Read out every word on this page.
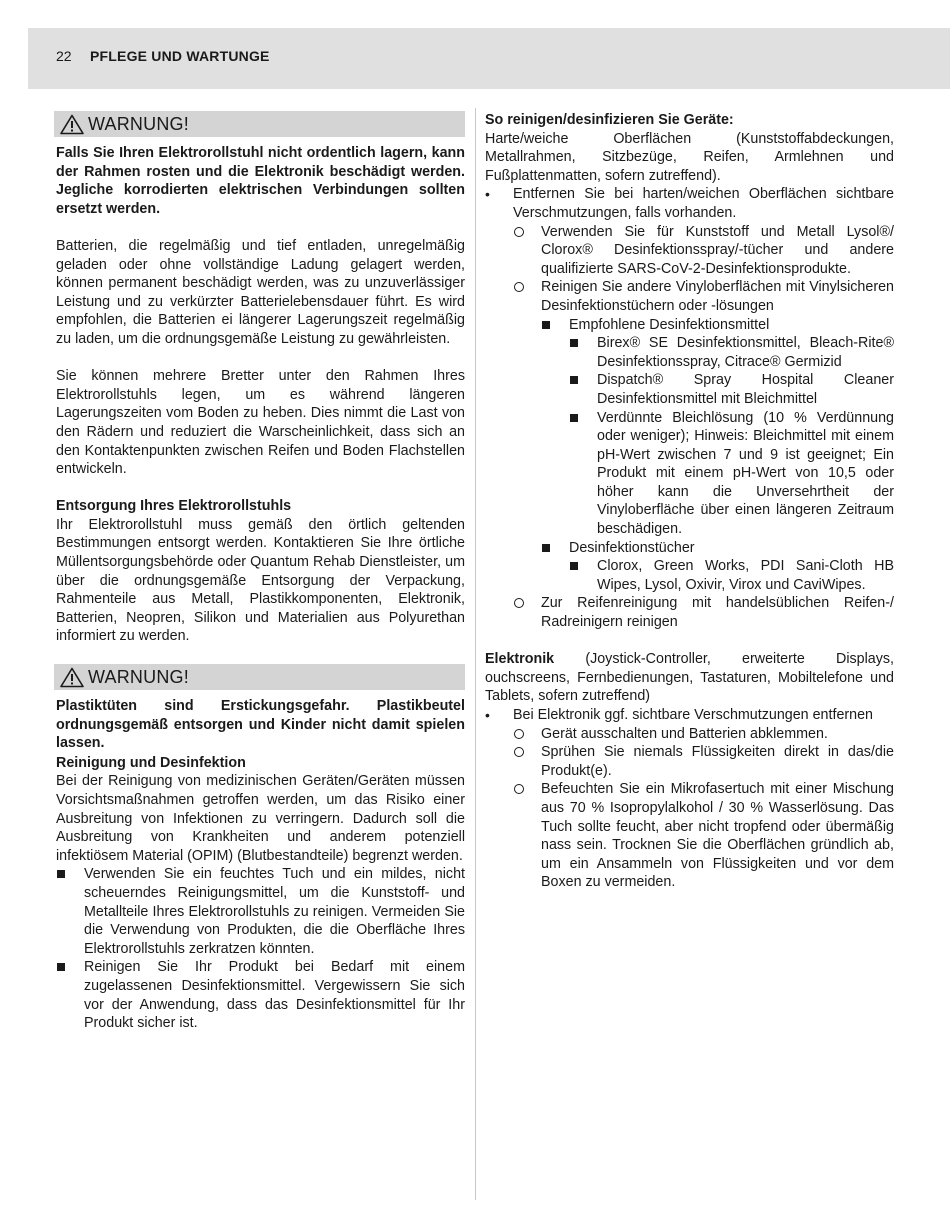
22 PFLEGE UND WARTUNGE
WARNUNG!

Falls Sie Ihren Elektrorollstuhl nicht ordentlich lagern, kann der Rahmen rosten und die Elektronik beschädigt werden. Jegliche korrodierten elektrischen Verbindungen sollten ersetzt werden.

Batterien, die regelmäßig und tief entladen, unregelmäßig geladen oder ohne vollständige Ladung gelagert werden, können permanent beschädigt werden, was zu unzuverlässiger Leistung und zu verkürzter Batterielebensdauer führt. Es wird empfohlen, die Batterien ei längerer Lagerungszeit regelmäßig zu laden, um die ordnungsgemäße Leistung zu gewährleisten.

Sie können mehrere Bretter unter den Rahmen Ihres Elektrorollstuhls legen, um es während längeren Lagerungszeiten vom Boden zu heben. Dies nimmt die Last von den Rädern und reduziert die Warscheinlichkeit, dass sich an den Kontaktenpunkten zwischen Reifen und Boden Flachstellen entwickeln.

Entsorgung Ihres Elektrorollstuhls

Ihr Elektrorollstuhl muss gemäß den örtlich geltenden Bestimmungen entsorgt werden. Kontaktieren Sie Ihre örtliche Müllentsorgungsbehörde oder Quantum Rehab Dienstleister, um über die ordnungsgemäße Entsorgung der Verpackung, Rahmenteile aus Metall, Plastikkomponenten, Elektronik, Batterien, Neopren, Silikon und Materialien aus Polyurethan informiert zu werden.

WARNUNG!

Plastiktüten sind Erstickungsgefahr. Plastikbeutel ordnungsgemäß entsorgen und Kinder nicht damit spielen lassen.

Reinigung und Desinfektion

Bei der Reinigung von medizinischen Geräten/Geräten müssen Vorsichtsmaßnahmen getroffen werden, um das Risiko einer Ausbreitung von Infektionen zu verringern. Dadurch soll die Ausbreitung von Krankheiten und anderem potenziell infektiösem Material (OPIM) (Blutbestandteile) begrenzt werden.

Verwenden Sie ein feuchtes Tuch und ein mildes, nicht scheuerndes Reinigungsmittel, um die Kunststoff- und Metallteile Ihres Elektrorollstuhls zu reinigen. Vermeiden Sie die Verwendung von Produkten, die die Oberfläche Ihres Elektrorollstuhls zerkratzen könnten.
Reinigen Sie Ihr Produkt bei Bedarf mit einem zugelassenen Desinfektionsmittel. Vergewissern Sie sich vor der Anwendung, dass das Desinfektionsmittel für Ihr Produkt sicher ist.

So reinigen/desinfizieren Sie Geräte:

Harte/weiche Oberflächen (Kunststoffabdeckungen, Metallrahmen, Sitzbezüge, Reifen, Armlehnen und Fußplattenmatten, sofern zutreffend).

• Entfernen Sie bei harten/weichen Oberflächen sichtbare Verschmutzungen, falls vorhanden.
Verwenden Sie für Kunststoff und Metall Lysol®/ Clorox® Desinfektionsspray/-tücher und andere qualifizierte SARS-CoV-2-Desinfektionsprodukte.
Reinigen Sie andere Vinyloberflächen mit Vinylsicheren Desinfektionstüchern oder -lösungen
Empfohlene Desinfektionsmittel
Birex® SE Desinfektionsmittel, Bleach-Rite® Desinfektionsspray, Citrace® Germizid
Dispatch® Spray Hospital Cleaner Desinfektionsmittel mit Bleichmittel
Verdünnte Bleichlösung (10 % Verdünnung oder weniger); Hinweis: Bleichmittel mit einem pH-Wert zwischen 7 und 9 ist geeignet; Ein Produkt mit einem pH-Wert von 10,5 oder höher kann die Unversehrtheit der Vinyloberfläche über einen längeren Zeitraum beschädigen.
Desinfektionstücher
Clorox, Green Works, PDI Sani-Cloth HB Wipes, Lysol, Oxivir, Virox und CaviWipes.
Zur Reifenreinigung mit handelsüblichen Reifen-/ Radreinigern reinigen

Elektronik (Joystick-Controller, erweiterte Displays, ouchscreens, Fernbedienungen, Tastaturen, Mobiltelefone und Tablets, sofern zutreffend)

• Bei Elektronik ggf. sichtbare Verschmutzungen entfernen
Gerät ausschalten und Batterien abklemmen.
Sprühen Sie niemals Flüssigkeiten direkt in das/die Produkt(e).
Befeuchten Sie ein Mikrofasertuch mit einer Mischung aus 70 % Isopropylalkohol / 30 % Wasserlösung. Das Tuch sollte feucht, aber nicht tropfend oder übermäßig nass sein. Trocknen Sie die Oberflächen gründlich ab, um ein Ansammeln von Flüssigkeiten und vor dem Boxen zu vermeiden.
